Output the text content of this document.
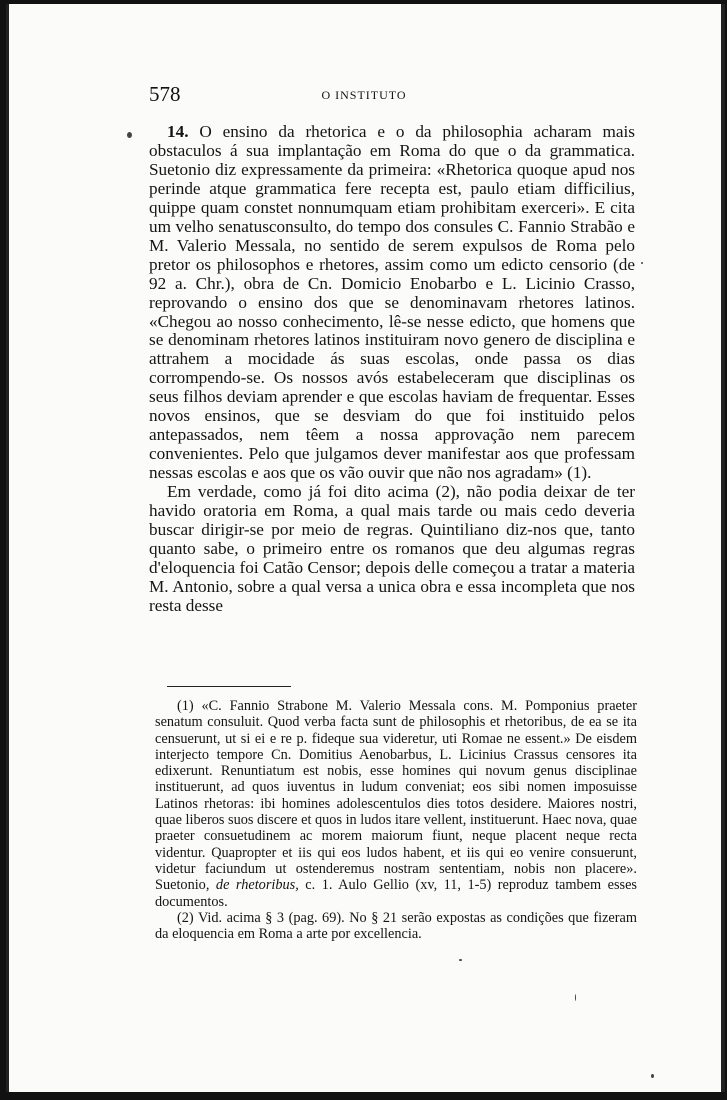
578	O INSTITUTO

14. O ensino da rhetorica e o da philosophia acharam mais obstaculos á sua implantação em Roma do que o da grammatica. Suetonio diz expressamente da primeira: «Rhetorica quoque apud nos perinde atque grammatica fere recepta est, paulo etiam difficilius, quippe quam constet nonnumquam etiam prohibitam exerceri». E cita um velho senatusconsulto, do tempo dos consules C. Fannio Strabão e M. Valerio Messala, no sentido de serem expulsos de Roma pelo pretor os philosophos e rhetores, assim como um edicto censorio (de 92 a. Chr.), obra de Cn. Domicio Enobarbo e L. Licinio Crasso, reprovando o ensino dos que se denominavam rhetores latinos. «Chegou ao nosso conhecimento, lê-se nesse edicto, que homens que se denominam rhetores latinos instituiram novo genero de disciplina e attrahem a mocidade ás suas escolas, onde passa os dias corrompendo-se. Os nossos avós estabeleceram que disciplinas os seus filhos deviam aprender e que escolas haviam de frequentar. Esses novos ensinos, que se desviam do que foi instituido pelos antepassados, nem têem a nossa approvação nem parecem convenientes. Pelo que julgamos dever manifestar aos que professam nessas escolas e aos que os vão ouvir que não nos agradam» (1).

Em verdade, como já foi dito acima (2), não podia deixar de ter havido oratoria em Roma, a qual mais tarde ou mais cedo deveria buscar dirigir-se por meio de regras. Quintiliano diz-nos que, tanto quanto sabe, o primeiro entre os romanos que deu algumas regras d'eloquencia foi Catão Censor; depois delle começou a tratar a materia M. Antonio, sobre a qual versa a unica obra e essa incompleta que nos resta desse

(1) «C. Fannio Strabone M. Valerio Messala cons. M. Pomponius praeter senatum consuluit. Quod verba facta sunt de philosophis et rhetoribus, de ea se ita censuerunt, ut si ei e re p. fideque sua videretur, uti Romae ne essent.» De eisdem interjecto tempore Cn. Domitius Aenobarbus, L. Licinius Crassus censores ita edixerunt. Renuntiatum est nobis, esse homines qui novum genus disciplinae instituerunt, ad quos iuventus in ludum conveniat; eos sibi nomen imposuisse Latinos rhetoras: ibi homines adolescentulos dies totos desidere. Maiores nostri, quae liberos suos discere et quos in ludos itare vellent, instituerunt. Haec nova, quae praeter consuetudinem ac morem maiorum fiunt, neque placent neque recta videntur. Quapropter et iis qui eos ludos habent, et iis qui eo venire consuerunt, videtur faciundum ut ostenderemus nostram sententiam, nobis non placere». Suetonio, de rhetoribus, c. 1. Aulo Gellio (xv, 11, 1-5) reproduz tambem esses documentos.

(2) Vid. acima § 3 (pag. 69). No § 21 serão expostas as condições que fizeram da eloquencia em Roma a arte por excellencia.
